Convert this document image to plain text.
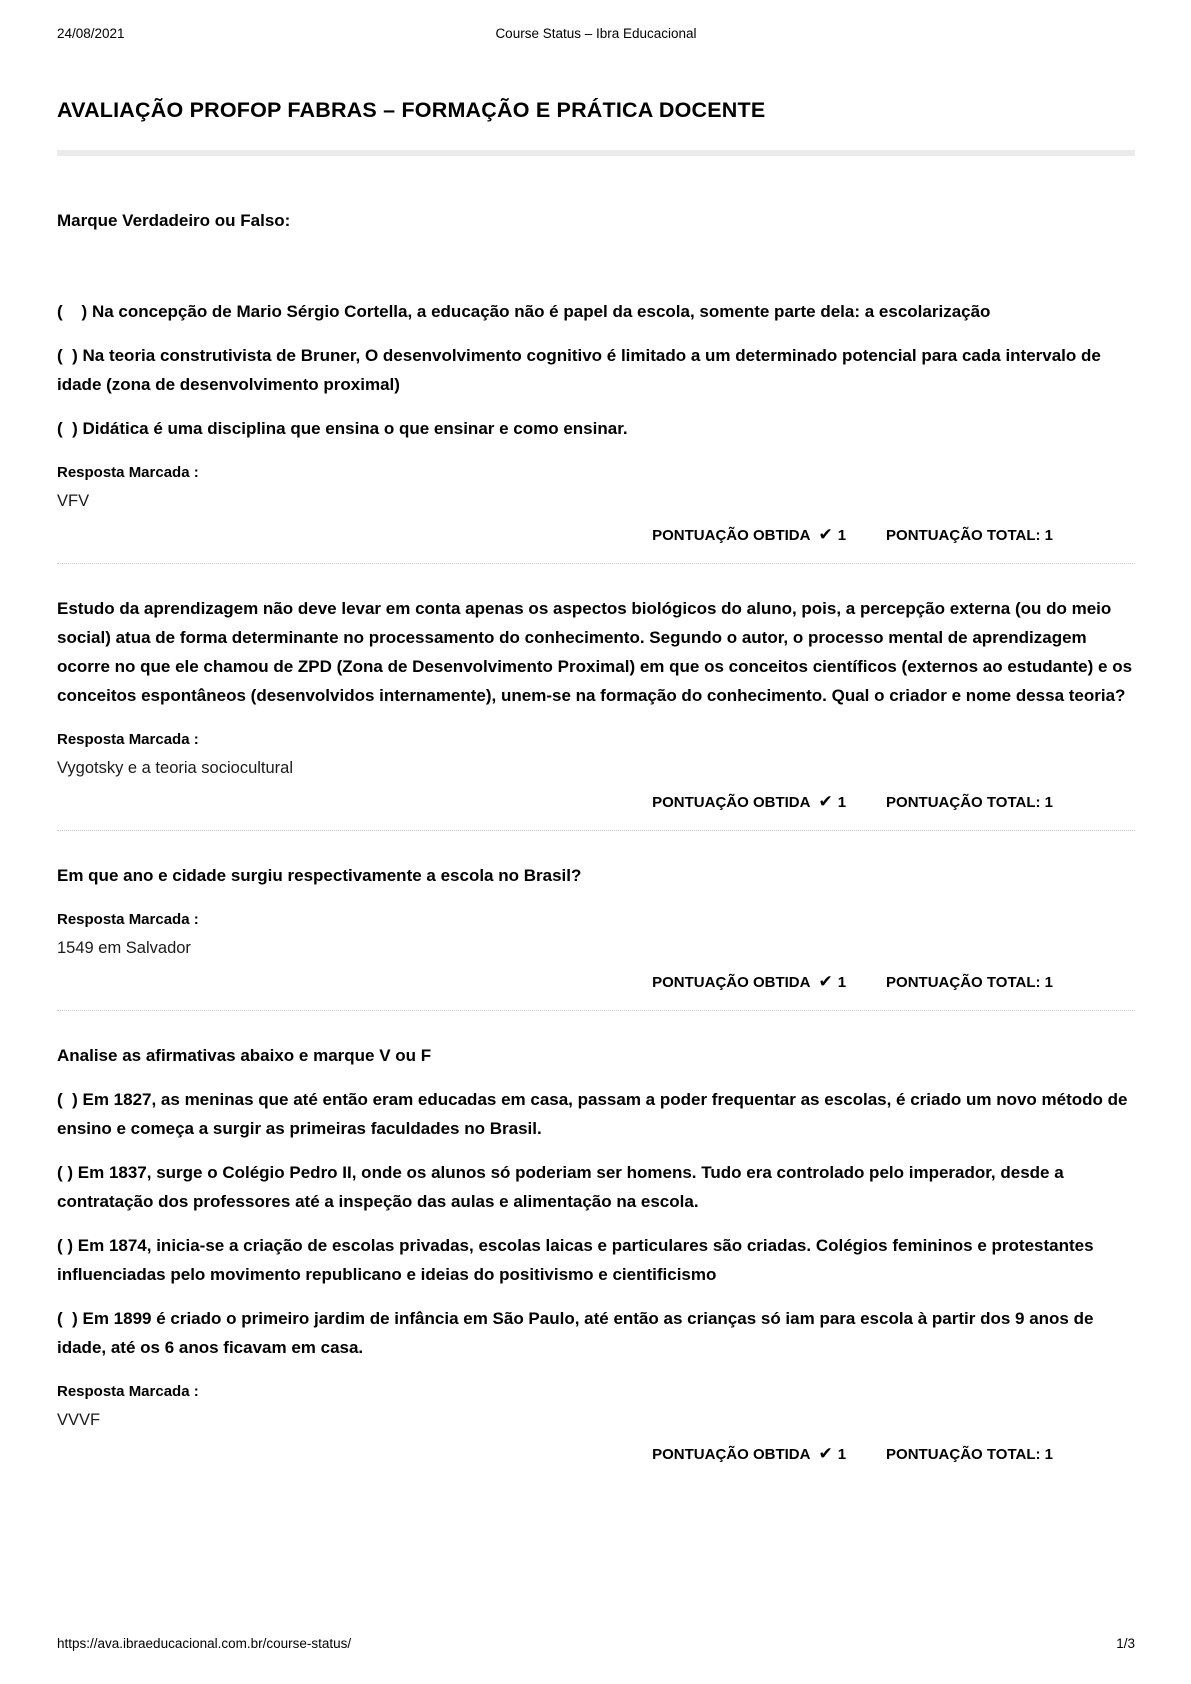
24/08/2021	Course Status – Ibra Educacional
AVALIAÇÃO PROFOP FABRAS – FORMAÇÃO E PRÁTICA DOCENTE

Marque Verdadeiro ou Falso:

(    ) Na concepção de Mario Sérgio Cortella, a educação não é papel da escola, somente parte dela: a escolarização

(  ) Na teoria construtivista de Bruner, O desenvolvimento cognitivo é limitado a um determinado potencial para cada intervalo de idade (zona de desenvolvimento proximal)

(  ) Didática é uma disciplina que ensina o que ensinar e como ensinar.

Resposta Marcada :

VFV

PONTUAÇÃO OBTIDA ✔ 1	PONTUAÇÃO TOTAL: 1

Estudo da aprendizagem não deve levar em conta apenas os aspectos biológicos do aluno, pois, a percepção externa (ou do meio social) atua de forma determinante no processamento do conhecimento. Segundo o autor, o processo mental de aprendizagem ocorre no que ele chamou de ZPD (Zona de Desenvolvimento Proximal) em que os conceitos científicos (externos ao estudante) e os conceitos espontâneos (desenvolvidos internamente), unem-se na formação do conhecimento. Qual o criador e nome dessa teoria?

Resposta Marcada :

Vygotsky e a teoria sociocultural

PONTUAÇÃO OBTIDA ✔ 1	PONTUAÇÃO TOTAL: 1

Em que ano e cidade surgiu respectivamente a escola no Brasil?

Resposta Marcada :

1549 em Salvador

PONTUAÇÃO OBTIDA ✔ 1	PONTUAÇÃO TOTAL: 1

Analise as afirmativas abaixo e marque V ou F

(  ) Em 1827, as meninas que até então eram educadas em casa, passam a poder frequentar as escolas, é criado um novo método de ensino e começa a surgir as primeiras faculdades no Brasil.

( ) Em 1837, surge o Colégio Pedro II, onde os alunos só poderiam ser homens. Tudo era controlado pelo imperador, desde a contratação dos professores até a inspeção das aulas e alimentação na escola.

( ) Em 1874, inicia-se a criação de escolas privadas, escolas laicas e particulares são criadas. Colégios femininos e protestantes influenciadas pelo movimento republicano e ideias do positivismo e cientificismo

(  ) Em 1899 é criado o primeiro jardim de infância em São Paulo, até então as crianças só iam para escola à partir dos 9 anos de idade, até os 6 anos ficavam em casa.

Resposta Marcada :

VVVF

PONTUAÇÃO OBTIDA ✔ 1	PONTUAÇÃO TOTAL: 1
https://ava.ibraeducacional.com.br/course-status/	1/3
